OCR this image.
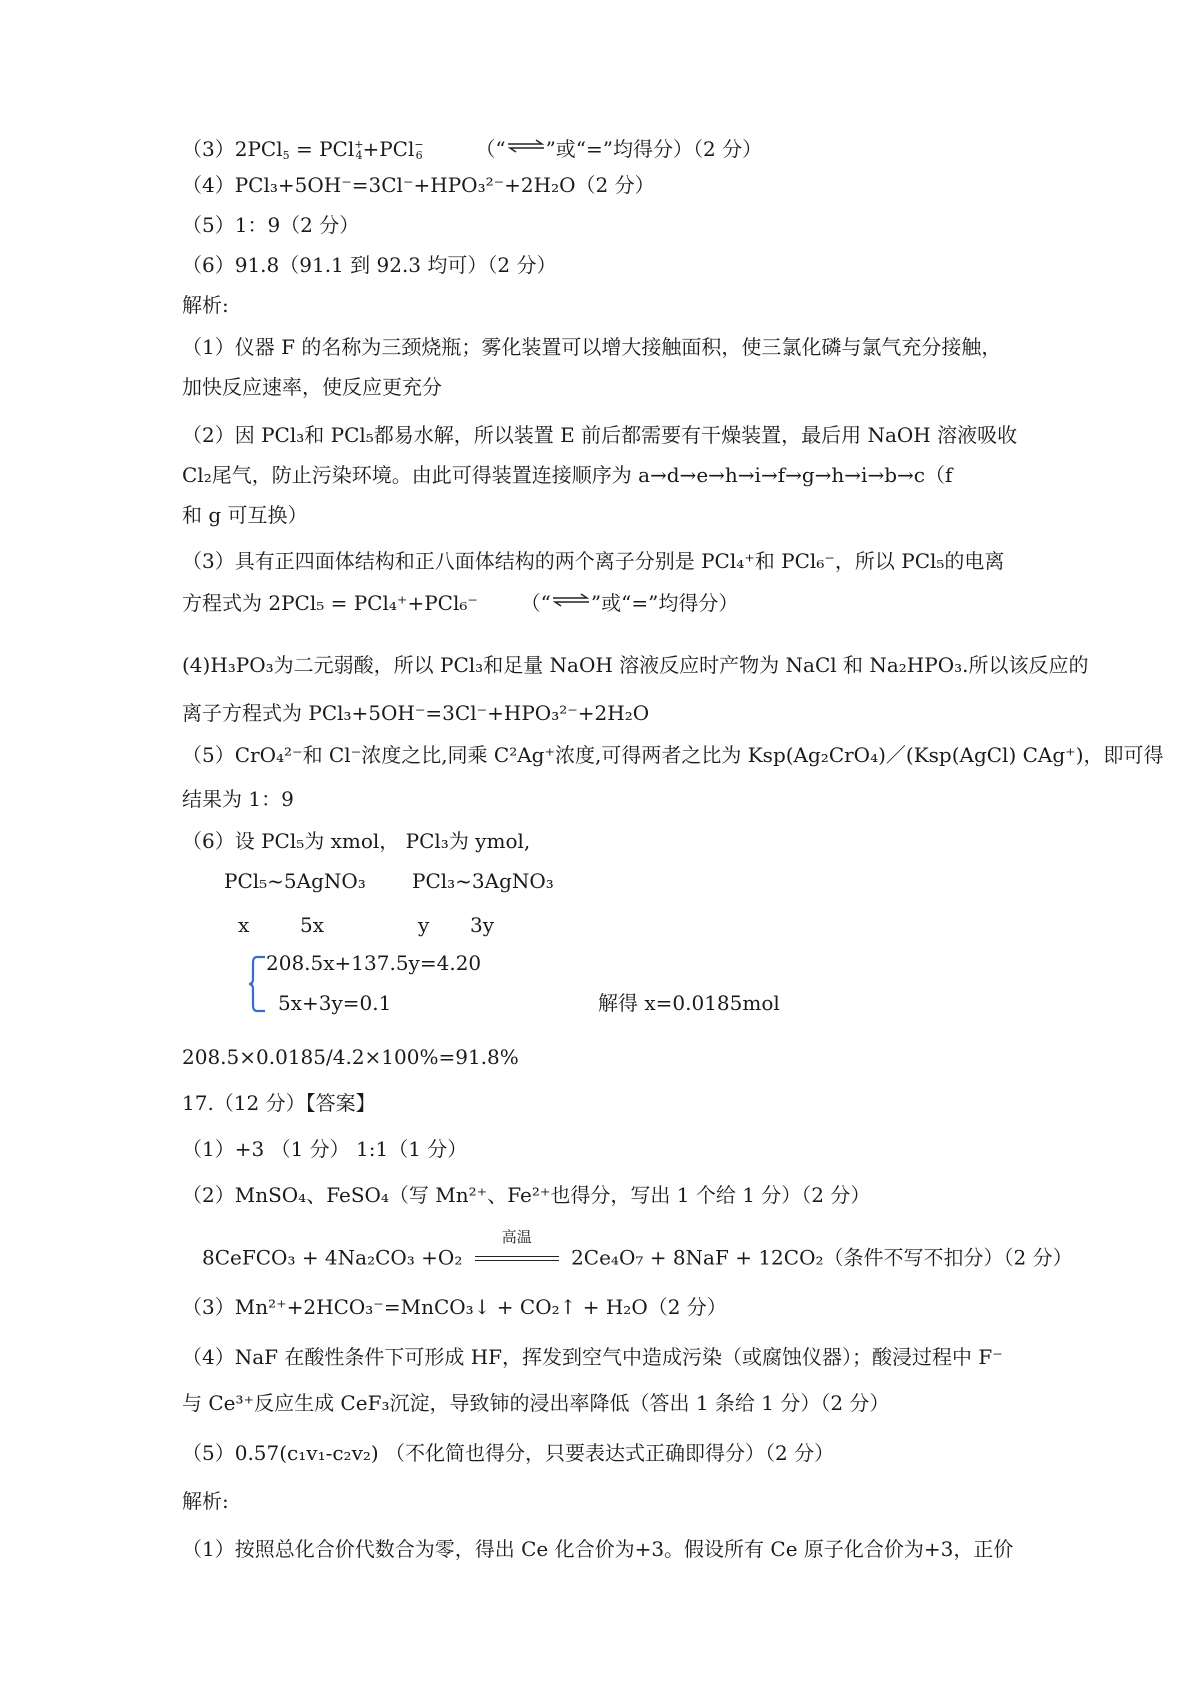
（3）2PCl$_5$ = PCl+$_4$+PCl−$_6$	（“⇌”或“=”均得分）（2 分）
（4）PCl₃+5OH⁻=3Cl⁻+HPO₃²⁻+2H₂O（2 分）
（5）1：9（2 分）
（6）91.8（91.1 到 92.3 均可）（2 分）
解析:
（1）仪器 F 的名称为三颈烧瓶；雾化装置可以增大接触面积，使三氯化磷与氯气充分接触，
加快反应速率，使反应更充分
（2）因 PCl₃和 PCl₅都易水解，所以装置 E 前后都需要有干燥装置，最后用 NaOH 溶液吸收
Cl₂尾气，防止污染环境。由此可得装置连接顺序为 a→d→e→h→i→f→g→h→i→b→c（f
和 g 可互换）
（3）具有正四面体结构和正八面体结构的两个离子分别是 PCl₄⁺和 PCl₆⁻，所以 PCl₅的电离
方程式为 2PCl₅ = PCl₄⁺+PCl₆⁻ （“⇌”或“=”均得分）
(4)H₃PO₃为二元弱酸，所以 PCl₃和足量 NaOH 溶液反应时产物为 NaCl 和 Na₂HPO₃.所以该反应的
离子方程式为 PCl₃+5OH⁻=3Cl⁻+HPO₃²⁻+2H₂O
（5）CrO₄²⁻和 Cl⁻浓度之比,同乘 C²Ag⁺浓度,可得两者之比为 Ksp(Ag₂CrO₄)／(Ksp(AgCl) CAg⁺)，即可得
结果为 1：9
（6）设 PCl₅为 xmol， PCl₃为 ymol,
PCl₅~5AgNO₃ PCl₃~3AgNO₃
x	5x	y 3y
208.5x+137.5y=4.20
5x+3y=0.1	解得 x=0.0185mol
208.5×0.0185/4.2×100%=91.8%
17.（12 分）【答案】
（1）+3 （1 分） 1:1（1 分）
（2）MnSO₄、FeSO₄（写 Mn²⁺、Fe²⁺也得分，写出 1 个给 1 分）（2 分）
8CeFCO₃ + 4Na₂CO₃ +O₂
高温
2Ce₄O₇ + 8NaF + 12CO₂（条件不写不扣分）（2 分）
（3）Mn²⁺+2HCO₃⁻=MnCO₃↓ + CO₂↑ + H₂O（2 分）
（4）NaF 在酸性条件下可形成 HF，挥发到空气中造成污染（或腐蚀仪器）；酸浸过程中 F⁻
与 Ce³⁺反应生成 CeF₃沉淀，导致铈的浸出率降低（答出 1 条给 1 分）（2 分）
（5）0.57(c₁v₁-c₂v₂) （不化简也得分，只要表达式正确即得分）（2 分）
解析:
（1）按照总化合价代数合为零，得出 Ce 化合价为+3。假设所有 Ce 原子化合价为+3，正价
